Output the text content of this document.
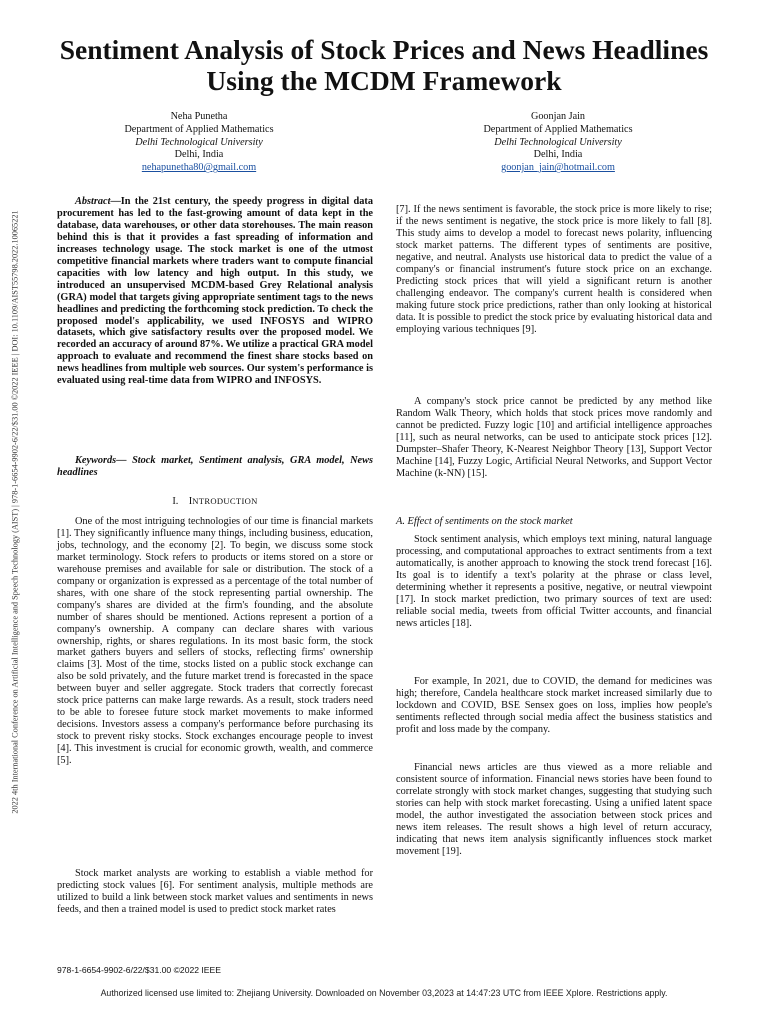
2022 4th International Conference on Artificial Intelligence and Speech Technology (AIST) | 978-1-6654-9902-6/22/$31.00 ©2022 IEEE | DOI: 10.1109/AIST55798.2022.10065221
Sentiment Analysis of Stock Prices and News Headlines Using the MCDM Framework
Neha Punetha
Department of Applied Mathematics
Delhi Technological University
Delhi, India
nehapunetha80@gmail.com
Goonjan Jain
Department of Applied Mathematics
Delhi Technological University
Delhi, India
goonjan_jain@hotmail.com
Abstract—In the 21st century, the speedy progress in digital data procurement has led to the fast-growing amount of data kept in the database, data warehouses, or other data storehouses. The main reason behind this is that it provides a fast spreading of information and increases technology usage. The stock market is one of the utmost competitive financial markets where traders want to compute financial capacities with low latency and high output. In this study, we introduced an unsupervised MCDM-based Grey Relational analysis (GRA) model that targets giving appropriate sentiment tags to the news headlines and predicting the forthcoming stock prediction. To check the proposed model's applicability, we used INFOSYS and WIPRO datasets, which give satisfactory results over the proposed model. We recorded an accuracy of around 87%. We utilize a practical GRA model approach to evaluate and recommend the finest share stocks based on news headlines from multiple web sources. Our system's performance is evaluated using real-time data from WIPRO and INFOSYS.
Keywords— Stock market, Sentiment analysis, GRA model, News headlines
I. INTRODUCTION
One of the most intriguing technologies of our time is financial markets [1]. They significantly influence many things, including business, education, jobs, technology, and the economy [2]. To begin, we discuss some stock market terminology. Stock refers to products or items stored on a store or warehouse premises and available for sale or distribution. The stock of a company or organization is expressed as a percentage of the total number of shares, with one share of the stock representing partial ownership. The company's shares are divided at the firm's founding, and the absolute number of shares should be mentioned. Actions represent a portion of a company's ownership. A company can declare shares with various ownership, rights, or shares regulations. In its most basic form, the stock market gathers buyers and sellers of stocks, reflecting firms' ownership claims [3]. Most of the time, stocks listed on a public stock exchange can also be sold privately, and the future market trend is forecasted in the space between buyer and seller aggregate. Stock traders that correctly forecast stock price patterns can make large rewards. As a result, stock traders need to be able to foresee future stock market movements to make informed decisions. Investors assess a company's performance before purchasing its stock to prevent risky stocks. Stock exchanges encourage people to invest [4]. This investment is crucial for economic growth, wealth, and commerce [5].
Stock market analysts are working to establish a viable method for predicting stock values [6]. For sentiment analysis, multiple methods are utilized to build a link between stock market values and sentiments in news feeds, and then a trained model is used to predict stock market rates
[7]. If the news sentiment is favorable, the stock price is more likely to rise; if the news sentiment is negative, the stock price is more likely to fall [8]. This study aims to develop a model to forecast news polarity, influencing stock market patterns. The different types of sentiments are positive, negative, and neutral. Analysts use historical data to predict the value of a company's or financial instrument's future stock price on an exchange. Predicting stock prices that will yield a significant return is another challenging endeavor. The company's current health is considered when making future stock price predictions, rather than only looking at historical data. It is possible to predict the stock price by evaluating historical data and employing various techniques [9].
A company's stock price cannot be predicted by any method like Random Walk Theory, which holds that stock prices move randomly and cannot be predicted. Fuzzy logic [10] and artificial intelligence approaches [11], such as neural networks, can be used to anticipate stock prices [12]. Dumpster–Shafer Theory, K-Nearest Neighbor Theory [13], Support Vector Machine [14], Fuzzy Logic, Artificial Neural Networks, and Support Vector Machine (k-NN) [15].
A. Effect of sentiments on the stock market
Stock sentiment analysis, which employs text mining, natural language processing, and computational approaches to extract sentiments from a text automatically, is another approach to knowing the stock trend forecast [16]. Its goal is to identify a text's polarity at the phrase or class level, determining whether it represents a positive, negative, or neutral viewpoint [17]. In stock market prediction, two primary sources of text are used: reliable social media, tweets from official Twitter accounts, and financial news articles [18].
For example, In 2021, due to COVID, the demand for medicines was high; therefore, Candela healthcare stock market increased similarly due to lockdown and COVID, BSE Sensex goes on loss, implies how people's sentiments reflected through social media affect the business statistics and profit and loss made by the company.
Financial news articles are thus viewed as a more reliable and consistent source of information. Financial news stories have been found to correlate strongly with stock market changes, suggesting that studying such stories can help with stock market forecasting. Using a unified latent space model, the author investigated the association between stock prices and news item releases. The result shows a high level of return accuracy, indicating that news item analysis significantly influences stock market movement [19].
978-1-6654-9902-6/22/$31.00 ©2022 IEEE
Authorized licensed use limited to: Zhejiang University. Downloaded on November 03,2023 at 14:47:23 UTC from IEEE Xplore. Restrictions apply.
